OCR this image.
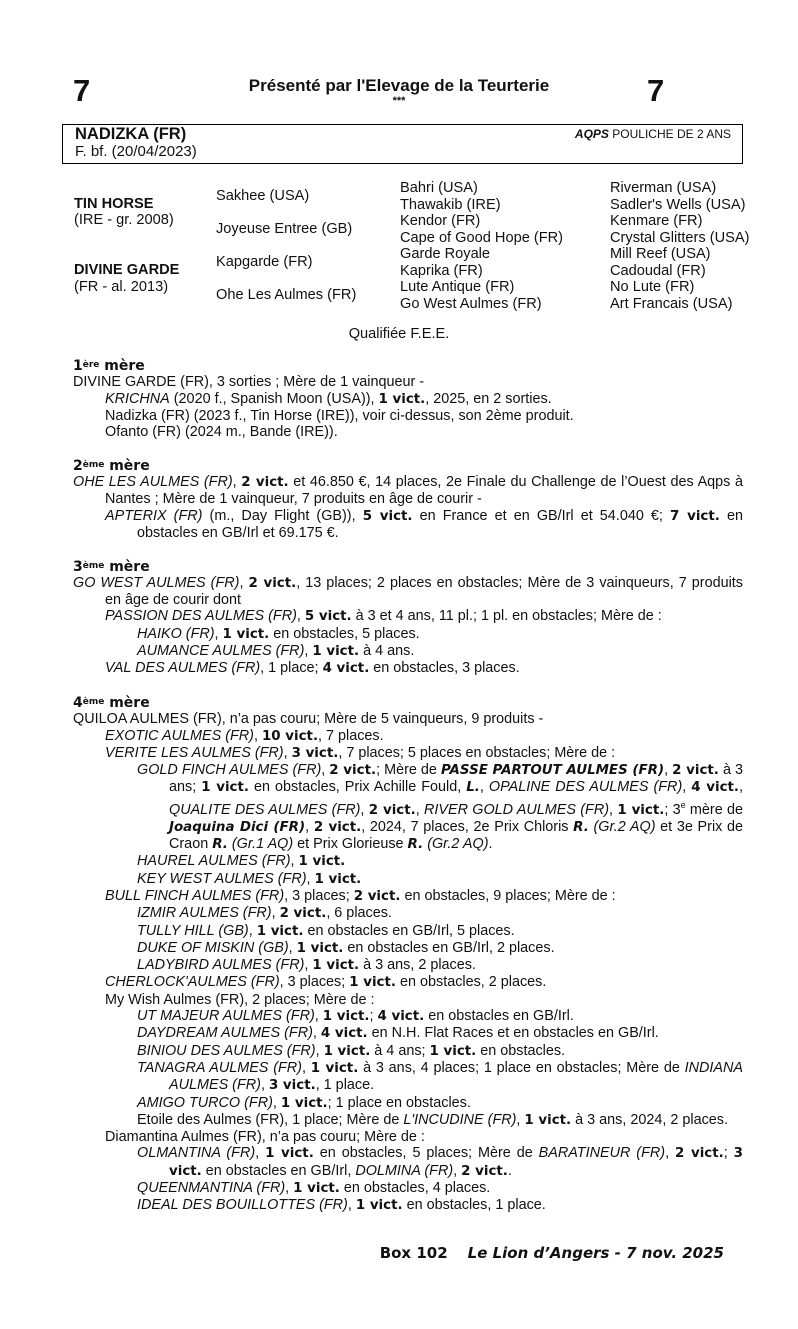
7	Présenté par l'Elevage de la Teurterie
***	7
NADIZKA (FR)
F. bf. (20/04/2023)
AQPS POULICHE DE 2 ANS
TIN HORSE
(IRE - gr. 2008)
DIVINE GARDE
(FR - al. 2013)
Sakhee (USA)
Joyeuse Entree (GB)
Kapgarde (FR)
Ohe Les Aulmes (FR)
Bahri (USA)
Thawakib (IRE)
Kendor (FR)
Cape of Good Hope (FR)
Garde Royale
Kaprika (FR)
Lute Antique (FR)
Go West Aulmes (FR)
Riverman (USA)
Sadler's Wells (USA)
Kenmare (FR)
Crystal Glitters (USA)
Mill Reef (USA)
Cadoudal (FR)
No Lute (FR)
Art Francais (USA)
Qualifiée F.E.E.

1ère mère

DIVINE GARDE (FR), 3 sorties ; Mère de 1 vainqueur -

KRICHNA (2020 f., Spanish Moon (USA)), 1 vict., 2025, en 2 sorties.

Nadizka (FR) (2023 f., Tin Horse (IRE)), voir ci-dessus, son 2ème produit.

Ofanto (FR) (2024 m., Bande (IRE)).

2ème mère

OHE LES AULMES (FR), 2 vict. et 46.850 €, 14 places, 2e Finale du Challenge de l’Ouest des Aqps à Nantes ; Mère de 1 vainqueur, 7 produits en âge de courir -

APTERIX (FR) (m., Day Flight (GB)), 5 vict. en France et en GB/Irl et 54.040 €; 7 vict. en obstacles en GB/Irl et 69.175 €.

3ème mère

GO WEST AULMES (FR), 2 vict., 13 places; 2 places en obstacles; Mère de 3 vainqueurs, 7 produits en âge de courir dont

PASSION DES AULMES (FR), 5 vict. à 3 et 4 ans, 11 pl.; 1 pl. en obstacles; Mère de :

HAIKO (FR), 1 vict. en obstacles, 5 places.

AUMANCE AULMES (FR), 1 vict. à 4 ans.

VAL DES AULMES (FR), 1 place; 4 vict. en obstacles, 3 places.

4ème mère

QUILOA AULMES (FR), n’a pas couru; Mère de 5 vainqueurs, 9 produits -

EXOTIC AULMES (FR), 10 vict., 7 places.

VERITE LES AULMES (FR), 3 vict., 7 places; 5 places en obstacles; Mère de :

GOLD FINCH AULMES (FR), 2 vict.; Mère de PASSE PARTOUT AULMES (FR), 2 vict. à 3 ans; 1 vict. en obstacles, Prix Achille Fould, L., OPALINE DES AULMES (FR), 4 vict., QUALITE DES AULMES (FR), 2 vict., RIVER GOLD AULMES (FR), 1 vict.; 3e mère de Joaquina Dici (FR), 2 vict., 2024, 7 places, 2e Prix Chloris R. (Gr.2 AQ) et 3e Prix de Craon R. (Gr.1 AQ) et Prix Glorieuse R. (Gr.2 AQ).

HAUREL AULMES (FR), 1 vict.

KEY WEST AULMES (FR), 1 vict.

BULL FINCH AULMES (FR), 3 places; 2 vict. en obstacles, 9 places; Mère de :

IZMIR AULMES (FR), 2 vict., 6 places.

TULLY HILL (GB), 1 vict. en obstacles en GB/Irl, 5 places.

DUKE OF MISKIN (GB), 1 vict. en obstacles en GB/Irl, 2 places.

LADYBIRD AULMES (FR), 1 vict. à 3 ans, 2 places.

CHERLOCK'AULMES (FR), 3 places; 1 vict. en obstacles, 2 places.

My Wish Aulmes (FR), 2 places; Mère de :

UT MAJEUR AULMES (FR), 1 vict.; 4 vict. en obstacles en GB/Irl.

DAYDREAM AULMES (FR), 4 vict. en N.H. Flat Races et en obstacles en GB/Irl.

BINIOU DES AULMES (FR), 1 vict. à 4 ans; 1 vict. en obstacles.

TANAGRA AULMES (FR), 1 vict. à 3 ans, 4 places; 1 place en obstacles; Mère de INDIANA AULMES (FR), 3 vict., 1 place.

AMIGO TURCO (FR), 1 vict.; 1 place en obstacles.

Etoile des Aulmes (FR), 1 place; Mère de L'INCUDINE (FR), 1 vict. à 3 ans, 2024, 2 places.

Diamantina Aulmes (FR), n’a pas couru; Mère de :

OLMANTINA (FR), 1 vict. en obstacles, 5 places; Mère de BARATINEUR (FR), 2 vict.; 3 vict. en obstacles en GB/Irl, DOLMINA (FR), 2 vict..

QUEENMANTINA (FR), 1 vict. en obstacles, 4 places.

IDEAL DES BOUILLOTTES (FR), 1 vict. en obstacles, 1 place.

Box 102 Le Lion d’Angers - 7 nov. 2025
